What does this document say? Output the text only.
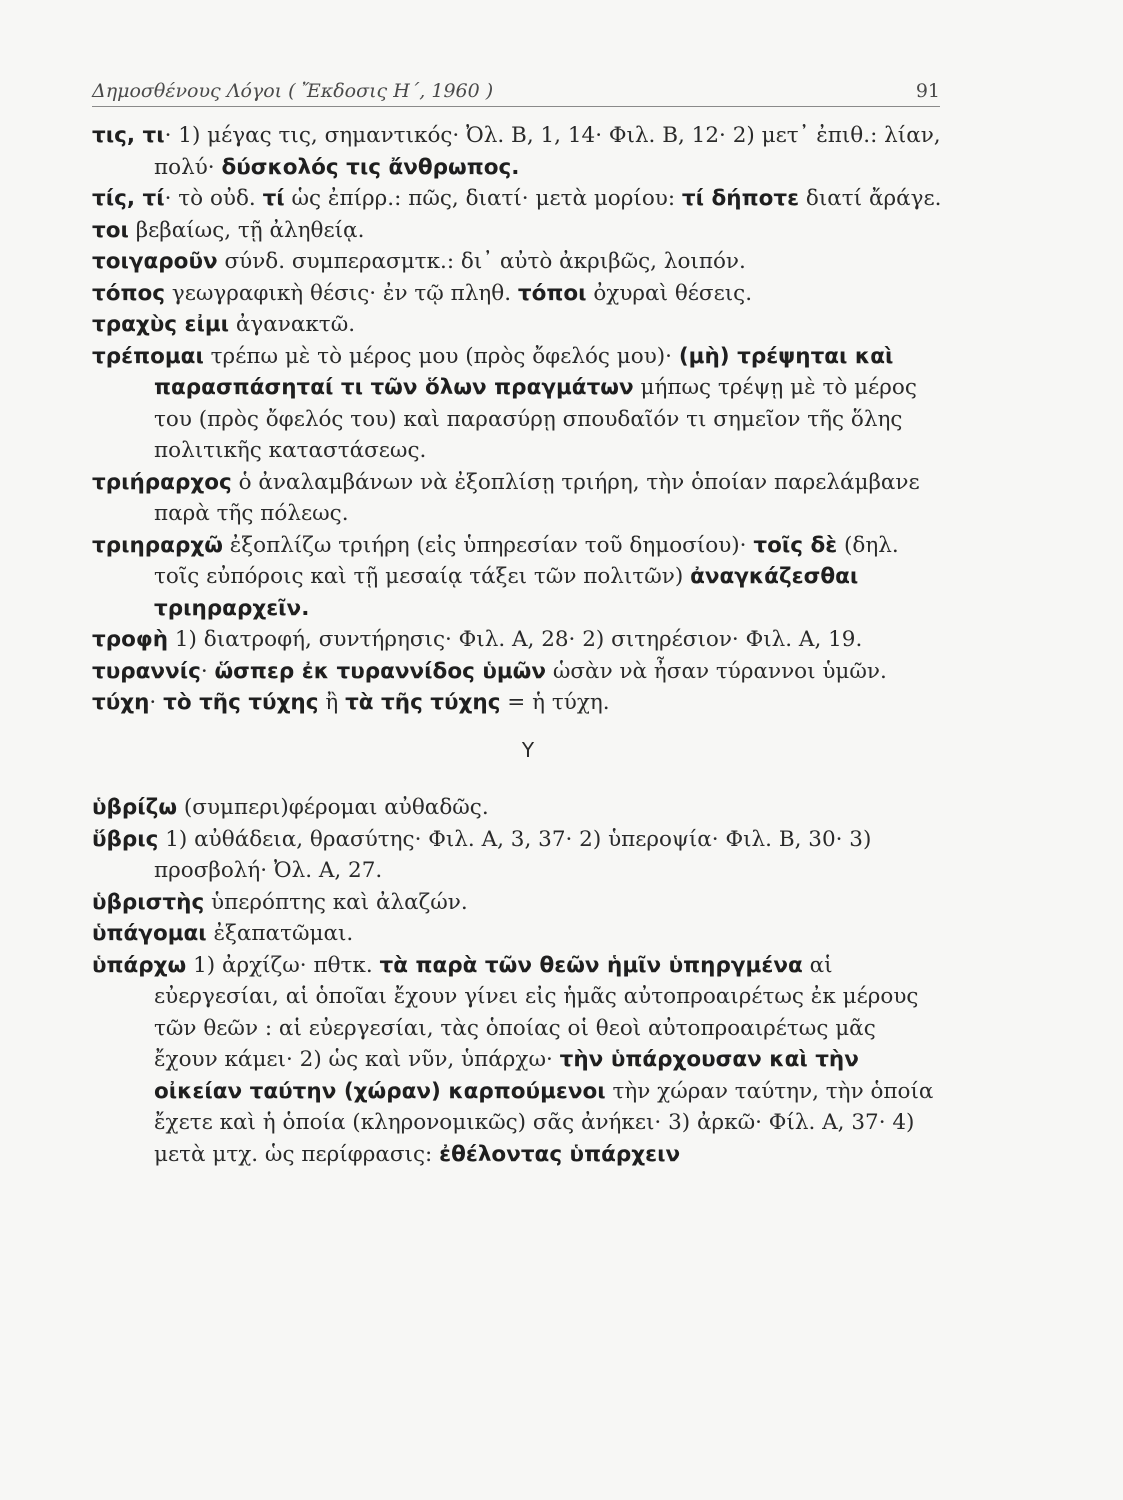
Δημοσθένους Λόγοι ( Ἔκδοσις Η΄, 1960 )	91

τις, τι· 1) μέγας τις, σημαντικός· Ὀλ. Β, 1, 14· Φιλ. Β, 12· 2) μετ᾽ ἐπιθ.: λίαν, πολύ· δύσκολός τις ἄνθρωπος.

τίς, τί· τὸ οὐδ. τί ὡς ἐπίρρ.: πῶς, διατί· μετὰ μορίου: τί δήποτε διατί ἄράγε.

τοι βεβαίως, τῇ ἀληθείᾳ.

τοιγαροῦν σύνδ. συμπερασμτκ.: δι᾽ αὐτὸ ἀκριβῶς, λοιπόν.

τόπος γεωγραφικὴ θέσις· ἐν τῷ πληθ. τόποι ὀχυραὶ θέσεις.

τραχὺς εἰμι ἀγανακτῶ.

τρέπομαι τρέπω μὲ τὸ μέρος μου (πρὸς ὄφελός μου)· (μὴ) τρέψηται καὶ παρασπάσηταί τι τῶν ὅλων πραγμάτων μήπως τρέψῃ μὲ τὸ μέρος του (πρὸς ὄφελός του) καὶ παρασύρῃ σπουδαῖόν τι σημεῖον τῆς ὅλης πολιτικῆς καταστάσεως.

τριήραρχος ὁ ἀναλαμβάνων νὰ ἐξοπλίσῃ τριήρη, τὴν ὁποίαν παρελάμβανε παρὰ τῆς πόλεως.

τριηραρχῶ ἐξοπλίζω τριήρη (εἰς ὑπηρεσίαν τοῦ δημοσίου)· τοῖς δὲ (δηλ. τοῖς εὐπόροις καὶ τῇ μεσαίᾳ τάξει τῶν πολιτῶν) ἀναγκάζεσθαι τριηραρχεῖν.

τροφὴ 1) διατροφή, συντήρησις· Φιλ. Α, 28· 2) σιτηρέσιον· Φιλ. Α, 19.

τυραννίς· ὥσπερ ἐκ τυραννίδος ὑμῶν ὡσὰν νὰ ἦσαν τύραννοι ὑμῶν.

τύχη· τὸ τῆς τύχης ἢ τὰ τῆς τύχης = ἡ τύχη.

Υ

ὑβρίζω (συμπερι)φέρομαι αὐθαδῶς.

ὕβρις 1) αὐθάδεια, θρασύτης· Φιλ. Α, 3, 37· 2) ὑπεροψία· Φιλ. Β, 30· 3) προσβολή· Ὀλ. Α, 27.

ὑβριστὴς ὑπερόπτης καὶ ἀλαζών.

ὑπάγομαι ἐξαπατῶμαι.

ὑπάρχω 1) ἀρχίζω· πθτκ. τὰ παρὰ τῶν θεῶν ἡμῖν ὑπηργμένα αἱ εὐεργεσίαι, αἱ ὁποῖαι ἔχουν γίνει εἰς ἡμᾶς αὐτοπροαιρέτως ἐκ μέρους τῶν θεῶν : αἱ εὐεργεσίαι, τὰς ὁποίας οἱ θεοὶ αὐτοπροαιρέτως μᾶς ἔχουν κάμει· 2) ὡς καὶ νῦν, ὑπάρχω· τὴν ὑπάρχουσαν καὶ τὴν οἰκείαν ταύτην (χώραν) καρπούμενοι τὴν χώραν ταύτην, τὴν ὁποία ἔχετε καὶ ἡ ὁποία (κληρονομικῶς) σᾶς ἀνήκει· 3) ἀρκῶ· Φίλ. Α, 37· 4) μετὰ μτχ. ὡς περίφρασις: ἐθέλοντας ὑπάρχειν
